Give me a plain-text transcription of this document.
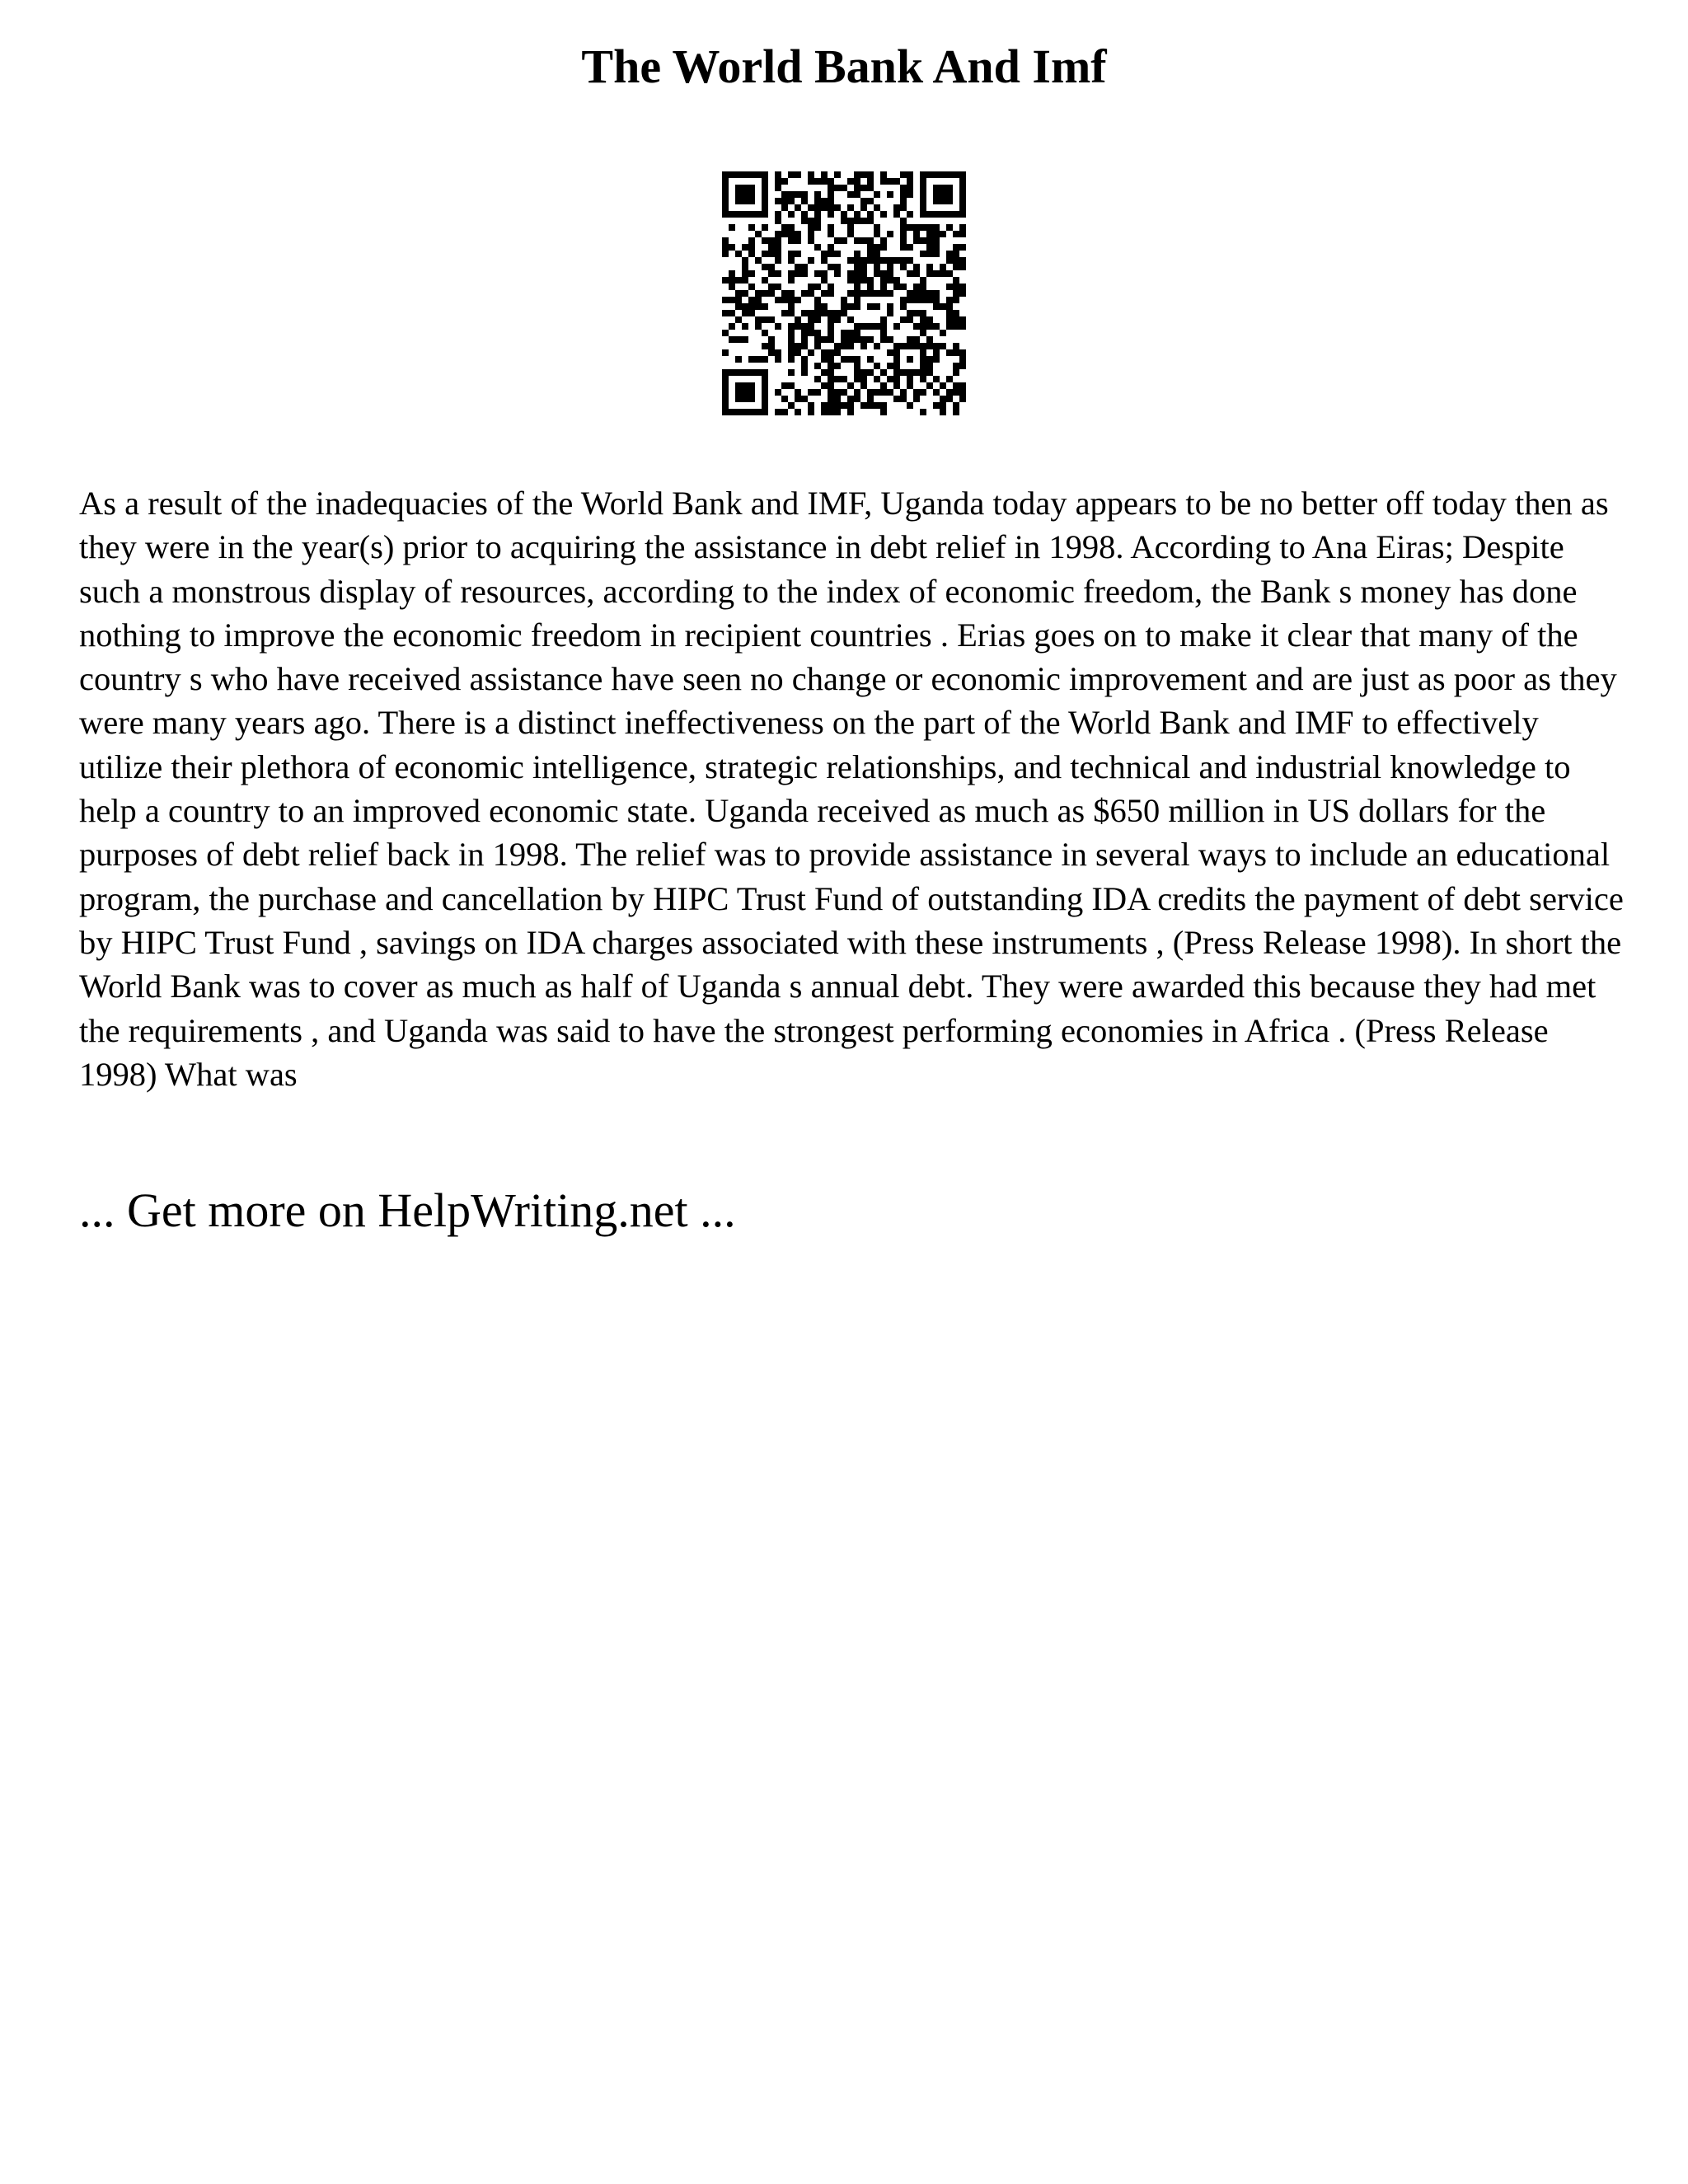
The World Bank And Imf

As a result of the inadequacies of the World Bank and IMF, Uganda today appears to be no better off today then as they were in the year(s) prior to acquiring the assistance in debt relief in 1998. According to Ana Eiras; Despite such a monstrous display of resources, according to the index of economic freedom, the Bank s money has done nothing to improve the economic freedom in recipient countries . Erias goes on to make it clear that many of the country s who have received assistance have seen no change or economic improvement and are just as poor as they were many years ago. There is a distinct ineffectiveness on the part of the World Bank and IMF to effectively utilize their plethora of economic intelligence, strategic relationships, and technical and industrial knowledge to help a country to an improved economic state. Uganda received as much as $650 million in US dollars for the purposes of debt relief back in 1998. The relief was to provide assistance in several ways to include an educational program, the purchase and cancellation by HIPC Trust Fund of outstanding IDA credits the payment of debt service by HIPC Trust Fund , savings on IDA charges associated with these instruments , (Press Release 1998). In short the World Bank was to cover as much as half of Uganda s annual debt. They were awarded this because they had met the requirements , and Uganda was said to have the strongest performing economies in Africa . (Press Release 1998) What was

... Get more on HelpWriting.net ...
